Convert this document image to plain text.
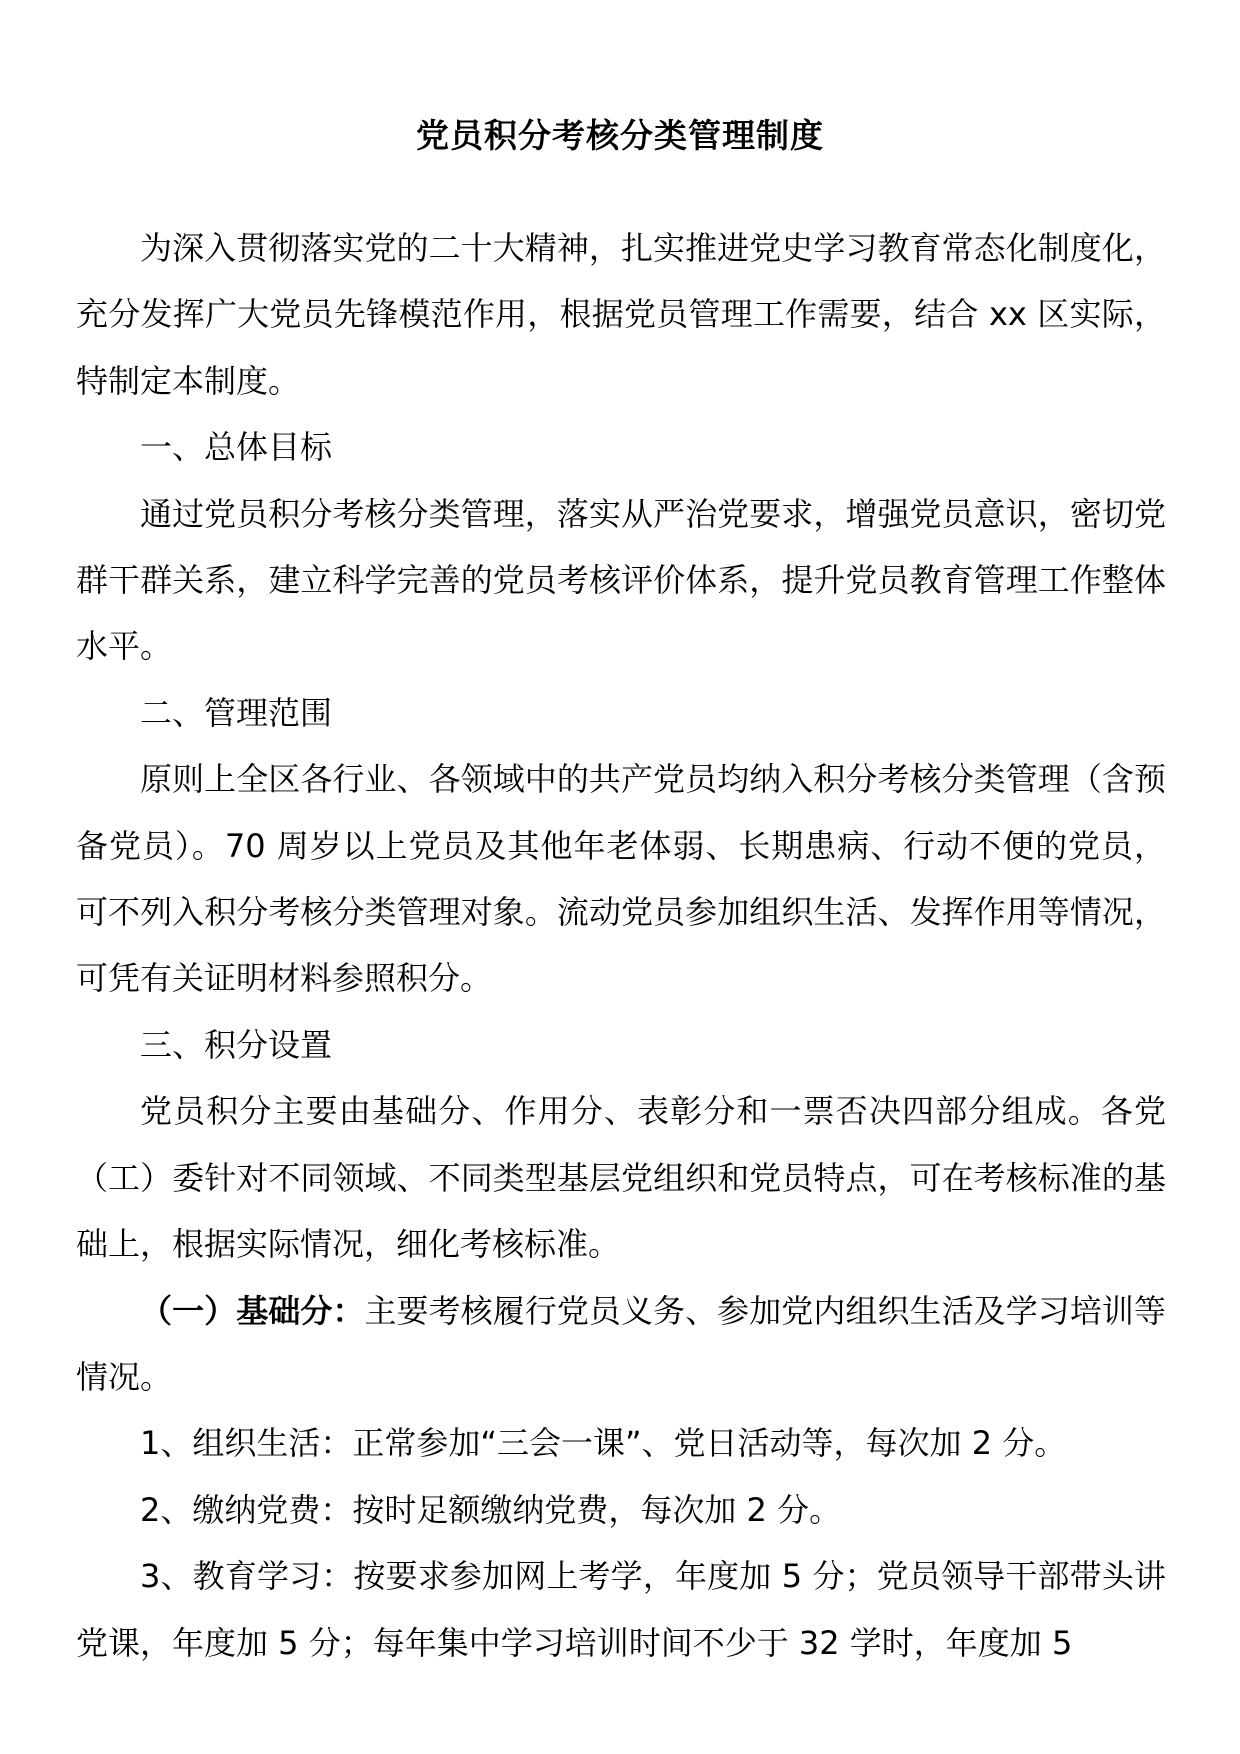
党员积分考核分类管理制度

为深入贯彻落实党的二十大精神，扎实推进党史学习教育常态化制度化，充分发挥广大党员先锋模范作用，根据党员管理工作需要，结合 xx 区实际，特制定本制度。

一、总体目标

通过党员积分考核分类管理，落实从严治党要求，增强党员意识，密切党群干群关系，建立科学完善的党员考核评价体系，提升党员教育管理工作整体水平。

二、管理范围

原则上全区各行业、各领域中的共产党员均纳入积分考核分类管理（含预备党员）。70 周岁以上党员及其他年老体弱、长期患病、行动不便的党员，可不列入积分考核分类管理对象。流动党员参加组织生活、发挥作用等情况，可凭有关证明材料参照积分。

三、积分设置

党员积分主要由基础分、作用分、表彰分和一票否决四部分组成。各党（工）委针对不同领域、不同类型基层党组织和党员特点，可在考核标准的基础上，根据实际情况，细化考核标准。

（一）基础分：主要考核履行党员义务、参加党内组织生活及学习培训等情况。

1、组织生活：正常参加“三会一课”、党日活动等，每次加 2 分。

2、缴纳党费：按时足额缴纳党费，每次加 2 分。

3、教育学习：按要求参加网上考学，年度加 5 分；党员领导干部带头讲党课，年度加 5 分；每年集中学习培训时间不少于 32 学时，年度加 5
